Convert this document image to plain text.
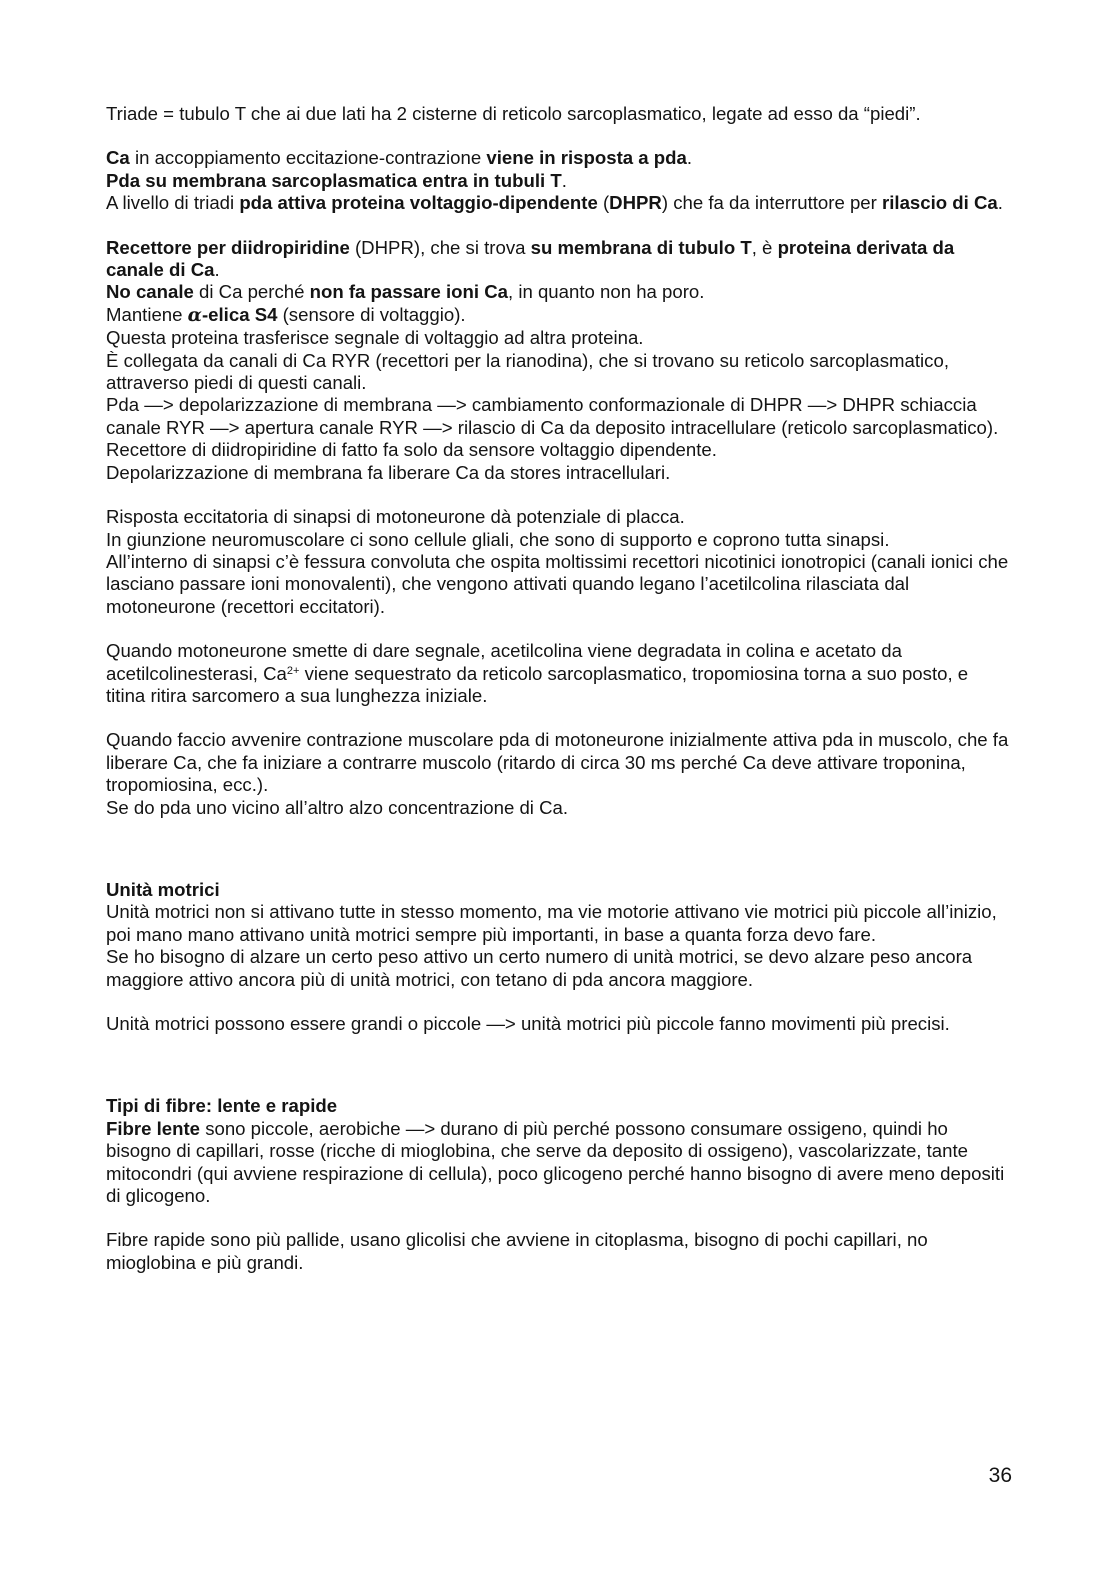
Triade = tubulo T che ai due lati ha 2 cisterne di reticolo sarcoplasmatico, legate ad esso da “piedi”.

Ca in accoppiamento eccitazione-contrazione viene in risposta a pda.

Pda su membrana sarcoplasmatica entra in tubuli T.

A livello di triadi pda attiva proteina voltaggio-dipendente (DHPR) che fa da interruttore per rilascio di Ca.

Recettore per diidropiridine (DHPR), che si trova su membrana di tubulo T, è proteina derivata da canale di Ca.

No canale di Ca perché non fa passare ioni Ca, in quanto non ha poro.

Mantiene α-elica S4 (sensore di voltaggio).

Questa proteina trasferisce segnale di voltaggio ad altra proteina.

È collegata da canali di Ca RYR (recettori per la rianodina), che si trovano su reticolo sarcoplasmatico, attraverso piedi di questi canali.

Pda —> depolarizzazione di membrana —> cambiamento conformazionale di DHPR —> DHPR schiaccia canale RYR —> apertura canale RYR —> rilascio di Ca da deposito intracellulare (reticolo sarcoplasmatico).

Recettore di diidropiridine di fatto fa solo da sensore voltaggio dipendente.

Depolarizzazione di membrana fa liberare Ca da stores intracellulari.

Risposta eccitatoria di sinapsi di motoneurone dà potenziale di placca.

In giunzione neuromuscolare ci sono cellule gliali, che sono di supporto e coprono tutta sinapsi.

All’interno di sinapsi c’è fessura convoluta che ospita moltissimi recettori nicotinici ionotropici (canali ionici che lasciano passare ioni monovalenti), che vengono attivati quando legano l’acetilcolina rilasciata dal motoneurone (recettori eccitatori).

Quando motoneurone smette di dare segnale, acetilcolina viene degradata in colina e acetato da acetilcolinesterasi, $Ca^{2+}$ viene sequestrato da reticolo sarcoplasmatico, tropomiosina torna a suo posto, e titina ritira sarcomero a sua lunghezza iniziale.

Quando faccio avvenire contrazione muscolare pda di motoneurone inizialmente attiva pda in muscolo, che fa liberare Ca, che fa iniziare a contrarre muscolo (ritardo di circa 30 ms perché Ca deve attivare troponina, tropomiosina, ecc.).

Se do pda uno vicino all’altro alzo concentrazione di Ca.

Unità motrici

Unità motrici non si attivano tutte in stesso momento, ma vie motorie attivano vie motrici più piccole all’inizio, poi mano mano attivano unità motrici sempre più importanti, in base a quanta forza devo fare.

Se ho bisogno di alzare un certo peso attivo un certo numero di unità motrici, se devo alzare peso ancora maggiore attivo ancora più di unità motrici, con tetano di pda ancora maggiore.

Unità motrici possono essere grandi o piccole —> unità motrici più piccole fanno movimenti più precisi.

Tipi di fibre: lente e rapide

Fibre lente sono piccole, aerobiche —> durano di più perché possono consumare ossigeno, quindi ho bisogno di capillari, rosse (ricche di mioglobina, che serve da deposito di ossigeno), vascolarizzate, tante mitocondri (qui avviene respirazione di cellula), poco glicogeno perché hanno bisogno di avere meno depositi di glicogeno.

Fibre rapide sono più pallide, usano glicolisi che avviene in citoplasma, bisogno di pochi capillari, no mioglobina e più grandi.

36
